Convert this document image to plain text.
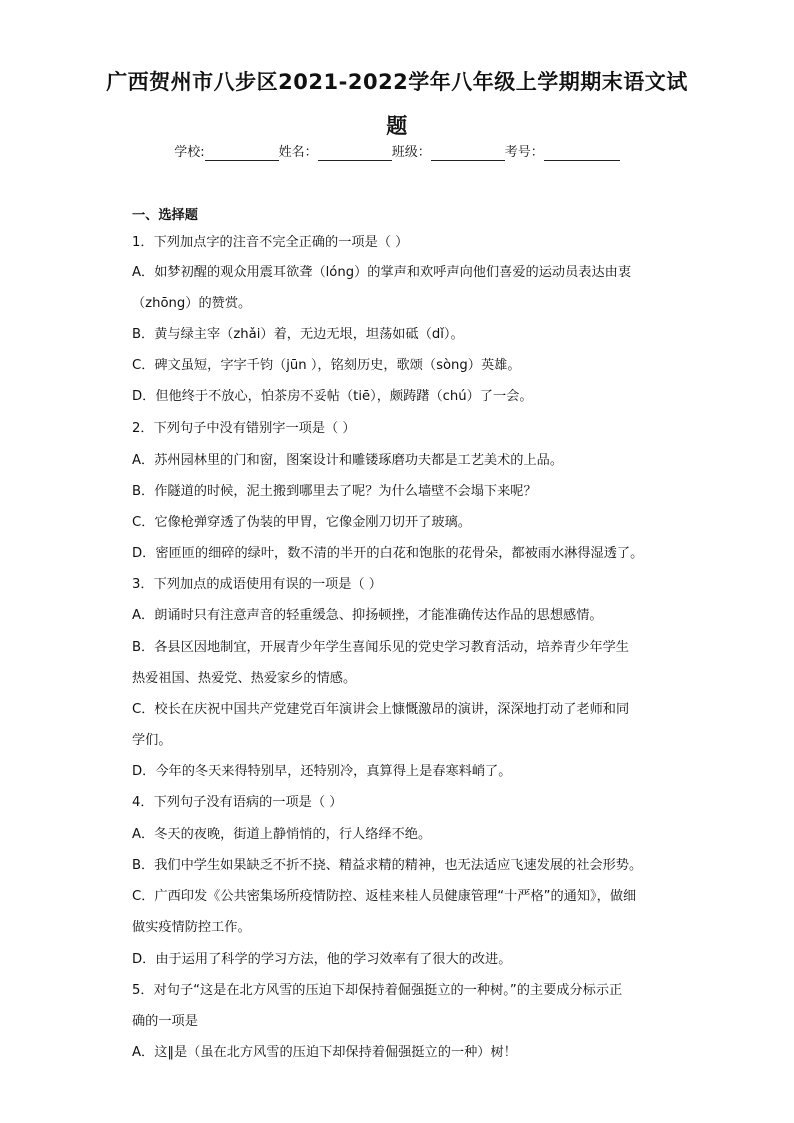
广西贺州市八步区2021-2022学年八年级上学期期末语文试
题
学校:	姓名：	班级：	考号：
一、选择题
1．下列加点字的注音不完全正确的一项是（ ）
A．如梦初醒的观众用震耳欲聋（lóng）的掌声和欢呼声向他们喜爱的运动员表达由衷
（zhōng）的赞赏。
B．黄与绿主宰（zhǎi）着，无边无垠，坦荡如砥（dǐ）。
C．碑文虽短，字字千钧（jūn ），铭刻历史，歌颂（sòng）英雄。
D．但他终于不放心，怕茶房不妥帖（tiē），颇踌躇（chú）了一会。
2．下列句子中没有错别字一项是（ ）
A．苏州园林里的门和窗，图案设计和雕镂琢磨功夫都是工艺美术的上品。
B．作隧道的时候，泥土搬到哪里去了呢？为什么墙壁不会塌下来呢？
C．它像枪弹穿透了伪装的甲胃，它像金刚刀切开了玻璃。
D．密匝匝的细碎的绿叶，数不清的半开的白花和饱胀的花骨朵，都被雨水淋得湿透了。
3．下列加点的成语使用有误的一项是（ ）
A．朗诵时只有注意声音的轻重缓急、抑扬顿挫，才能准确传达作品的思想感情。
B．各县区因地制宜，开展青少年学生喜闻乐见的党史学习教育活动，培养青少年学生
热爱祖国、热爱党、热爱家乡的情感。
C．校长在庆祝中国共产党建党百年演讲会上慷慨激昂的演讲，深深地打动了老师和同
学们。
D．今年的冬天来得特别早，还特别冷，真算得上是春寒料峭了。
4．下列句子没有语病的一项是（ ）
A．冬天的夜晚，街道上静悄悄的，行人络绎不绝。
B．我们中学生如果缺乏不折不挠、精益求精的精神，也无法适应飞速发展的社会形势。
C．广西印发《公共密集场所疫情防控、返桂来桂人员健康管理“十严格”的通知》，做细
做实疫情防控工作。
D．由于运用了科学的学习方法，他的学习效率有了很大的改进。
5．对句子“这是在北方风雪的压迫下却保持着倔强挺立的一种树。”的主要成分标示正
确的一项是
A．这‖是（虽在北方风雪的压迫下却保持着倔强挺立的一种）树！
